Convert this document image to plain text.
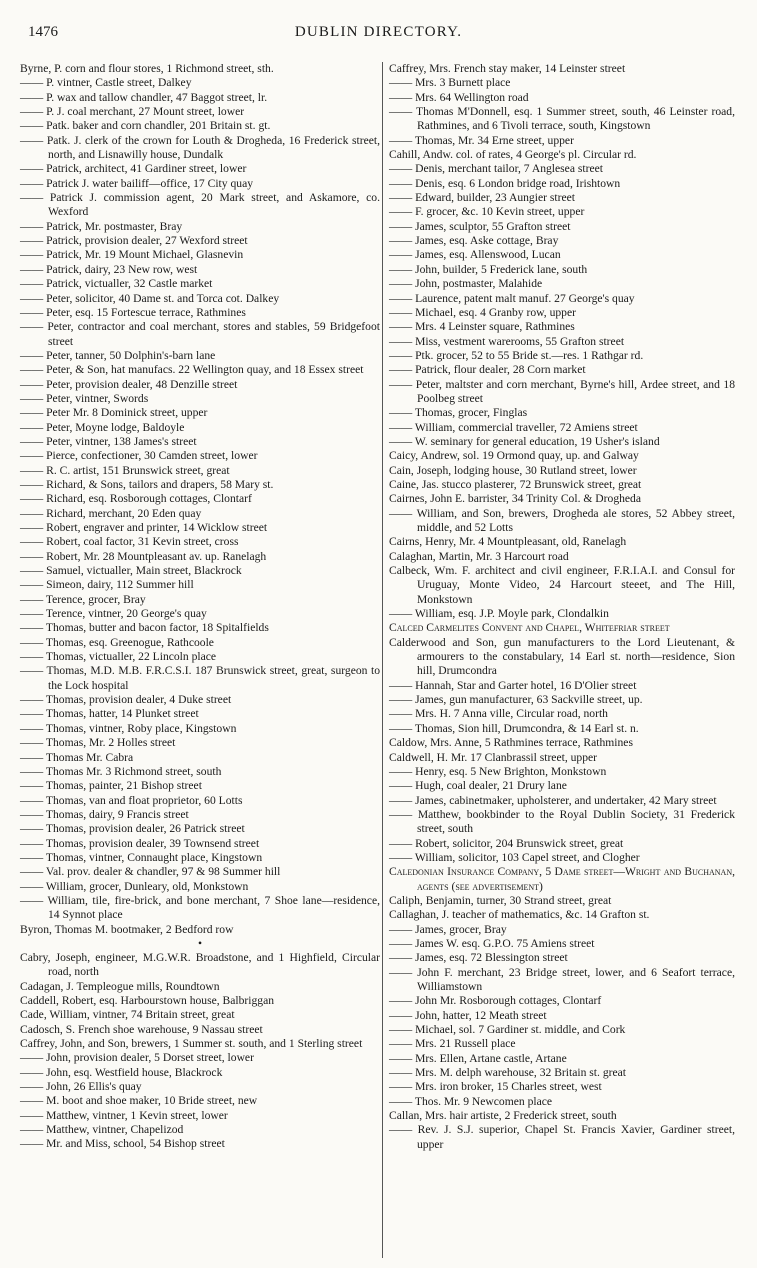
1476	DUBLIN DIRECTORY.
Byrne, P. corn and flour stores, 1 Richmond street, sth.
—— P. vintner, Castle street, Dalkey
—— P. wax and tallow chandler, 47 Baggot street, lr.
—— P. J. coal merchant, 27 Mount street, lower
—— Patk. baker and corn chandler, 201 Britain st. gt.
—— Patk. J. clerk of the crown for Louth & Drogheda, 16 Frederick street, north, and Lisnawilly house, Dundalk
—— Patrick, architect, 41 Gardiner street, lower
—— Patrick J. water bailiff—office, 17 City quay
—— Patrick J. commission agent, 20 Mark street, and Askamore, co. Wexford
—— Patrick, Mr. postmaster, Bray
—— Patrick, provision dealer, 27 Wexford street
—— Patrick, Mr. 19 Mount Michael, Glasnevin
—— Patrick, dairy, 23 New row, west
—— Patrick, victualler, 32 Castle market
—— Peter, solicitor, 40 Dame st. and Torca cot. Dalkey
—— Peter, esq. 15 Fortescue terrace, Rathmines
—— Peter, contractor and coal merchant, stores and stables, 59 Bridgefoot street
—— Peter, tanner, 50 Dolphin's-barn lane
—— Peter, & Son, hat manufacs. 22 Wellington quay, and 18 Essex street
—— Peter, provision dealer, 48 Denzille street
—— Peter, vintner, Swords
—— Peter Mr. 8 Dominick street, upper
—— Peter, Moyne lodge, Baldoyle
—— Peter, vintner, 138 James's street
—— Pierce, confectioner, 30 Camden street, lower
—— R. C. artist, 151 Brunswick street, great
—— Richard, & Sons, tailors and drapers, 58 Mary st.
—— Richard, esq. Rosborough cottages, Clontarf
—— Richard, merchant, 20 Eden quay
—— Robert, engraver and printer, 14 Wicklow street
—— Robert, coal factor, 31 Kevin street, cross
—— Robert, Mr. 28 Mountpleasant av. up. Ranelagh
—— Samuel, victualler, Main street, Blackrock
—— Simeon, dairy, 112 Summer hill
—— Terence, grocer, Bray
—— Terence, vintner, 20 George's quay
—— Thomas, butter and bacon factor, 18 Spitalfields
—— Thomas, esq. Greenogue, Rathcoole
—— Thomas, victualler, 22 Lincoln place
—— Thomas, M.D. M.B. F.R.C.S.I. 187 Brunswick street, great, surgeon to the Lock hospital
—— Thomas, provision dealer, 4 Duke street
—— Thomas, hatter, 14 Plunket street
—— Thomas, vintner, Roby place, Kingstown
—— Thomas, Mr. 2 Holles street
—— Thomas Mr. Cabra
—— Thomas Mr. 3 Richmond street, south
—— Thomas, painter, 21 Bishop street
—— Thomas, van and float proprietor, 60 Lotts
—— Thomas, dairy, 9 Francis street
—— Thomas, provision dealer, 26 Patrick street
—— Thomas, provision dealer, 39 Townsend street
—— Thomas, vintner, Connaught place, Kingstown
—— Val. prov. dealer & chandler, 97 & 98 Summer hill
—— William, grocer, Dunleary, old, Monkstown
—— William, tile, fire-brick, and bone merchant, 7 Shoe lane—residence, 14 Synnot place
Byron, Thomas M. bootmaker, 2 Bedford row
•
Cabry, Joseph, engineer, M.G.W.R. Broadstone, and 1 Highfield, Circular road, north
Cadagan, J. Templeogue mills, Roundtown
Caddell, Robert, esq. Harbourstown house, Balbriggan
Cade, William, vintner, 74 Britain street, great
Cadosch, S. French shoe warehouse, 9 Nassau street
Caffrey, John, and Son, brewers, 1 Summer st. south, and 1 Sterling street
—— John, provision dealer, 5 Dorset street, lower
—— John, esq. Westfield house, Blackrock
—— John, 26 Ellis's quay
—— M. boot and shoe maker, 10 Bride street, new
—— Matthew, vintner, 1 Kevin street, lower
—— Matthew, vintner, Chapelizod
—— Mr. and Miss, school, 54 Bishop street
Caffrey, Mrs. French stay maker, 14 Leinster street
—— Mrs. 3 Burnett place
—— Mrs. 64 Wellington road
—— Thomas M'Donnell, esq. 1 Summer street, south, 46 Leinster road, Rathmines, and 6 Tivoli terrace, south, Kingstown
—— Thomas, Mr. 34 Erne street, upper
Cahill, Andw. col. of rates, 4 George's pl. Circular rd.
—— Denis, merchant tailor, 7 Anglesea street
—— Denis, esq. 6 London bridge road, Irishtown
—— Edward, builder, 23 Aungier street
—— F. grocer, &c. 10 Kevin street, upper
—— James, sculptor, 55 Grafton street
—— James, esq. Aske cottage, Bray
—— James, esq. Allenswood, Lucan
—— John, builder, 5 Frederick lane, south
—— John, postmaster, Malahide
—— Laurence, patent malt manuf. 27 George's quay
—— Michael, esq. 4 Granby row, upper
—— Mrs. 4 Leinster square, Rathmines
—— Miss, vestment warerooms, 55 Grafton street
—— Ptk. grocer, 52 to 55 Bride st.—res. 1 Rathgar rd.
—— Patrick, flour dealer, 28 Corn market
—— Peter, maltster and corn merchant, Byrne's hill, Ardee street, and 18 Poolbeg street
—— Thomas, grocer, Finglas
—— William, commercial traveller, 72 Amiens street
—— W. seminary for general education, 19 Usher's island
Caicy, Andrew, sol. 19 Ormond quay, up. and Galway
Cain, Joseph, lodging house, 30 Rutland street, lower
Caine, Jas. stucco plasterer, 72 Brunswick street, great
Cairnes, John E. barrister, 34 Trinity Col. & Drogheda
—— William, and Son, brewers, Drogheda ale stores, 52 Abbey street, middle, and 52 Lotts
Cairns, Henry, Mr. 4 Mountpleasant, old, Ranelagh
Calaghan, Martin, Mr. 3 Harcourt road
Calbeck, Wm. F. architect and civil engineer, F.R.I.A.I. and Consul for Uruguay, Monte Video, 24 Harcourt steeet, and The Hill, Monkstown
—— William, esq. J.P. Moyle park, Clondalkin
Calced Carmelites Convent and Chapel, Whitefriar street
Calderwood and Son, gun manufacturers to the Lord Lieutenant, & armourers to the constabulary, 14 Earl st. north—residence, Sion hill, Drumcondra
—— Hannah, Star and Garter hotel, 16 D'Olier street
—— James, gun manufacturer, 63 Sackville street, up.
—— Mrs. H. 7 Anna ville, Circular road, north
—— Thomas, Sion hill, Drumcondra, & 14 Earl st. n.
Caldow, Mrs. Anne, 5 Rathmines terrace, Rathmines
Caldwell, H. Mr. 17 Clanbrassil street, upper
—— Henry, esq. 5 New Brighton, Monkstown
—— Hugh, coal dealer, 21 Drury lane
—— James, cabinetmaker, upholsterer, and undertaker, 42 Mary street
—— Matthew, bookbinder to the Royal Dublin Society, 31 Frederick street, south
—— Robert, solicitor, 204 Brunswick street, great
—— William, solicitor, 103 Capel street, and Clogher
Caledonian Insurance Company, 5 Dame street—Wright and Buchanan, agents (see advertisement)
Caliph, Benjamin, turner, 30 Strand street, great
Callaghan, J. teacher of mathematics, &c. 14 Grafton st.
—— James, grocer, Bray
—— James W. esq. G.P.O. 75 Amiens street
—— James, esq. 72 Blessington street
—— John F. merchant, 23 Bridge street, lower, and 6 Seafort terrace, Williamstown
—— John Mr. Rosborough cottages, Clontarf
—— John, hatter, 12 Meath street
—— Michael, sol. 7 Gardiner st. middle, and Cork
—— Mrs. 21 Russell place
—— Mrs. Ellen, Artane castle, Artane
—— Mrs. M. delph warehouse, 32 Britain st. great
—— Mrs. iron broker, 15 Charles street, west
—— Thos. Mr. 9 Newcomen place
Callan, Mrs. hair artiste, 2 Frederick street, south
—— Rev. J. S.J. superior, Chapel St. Francis Xavier, Gardiner street, upper
